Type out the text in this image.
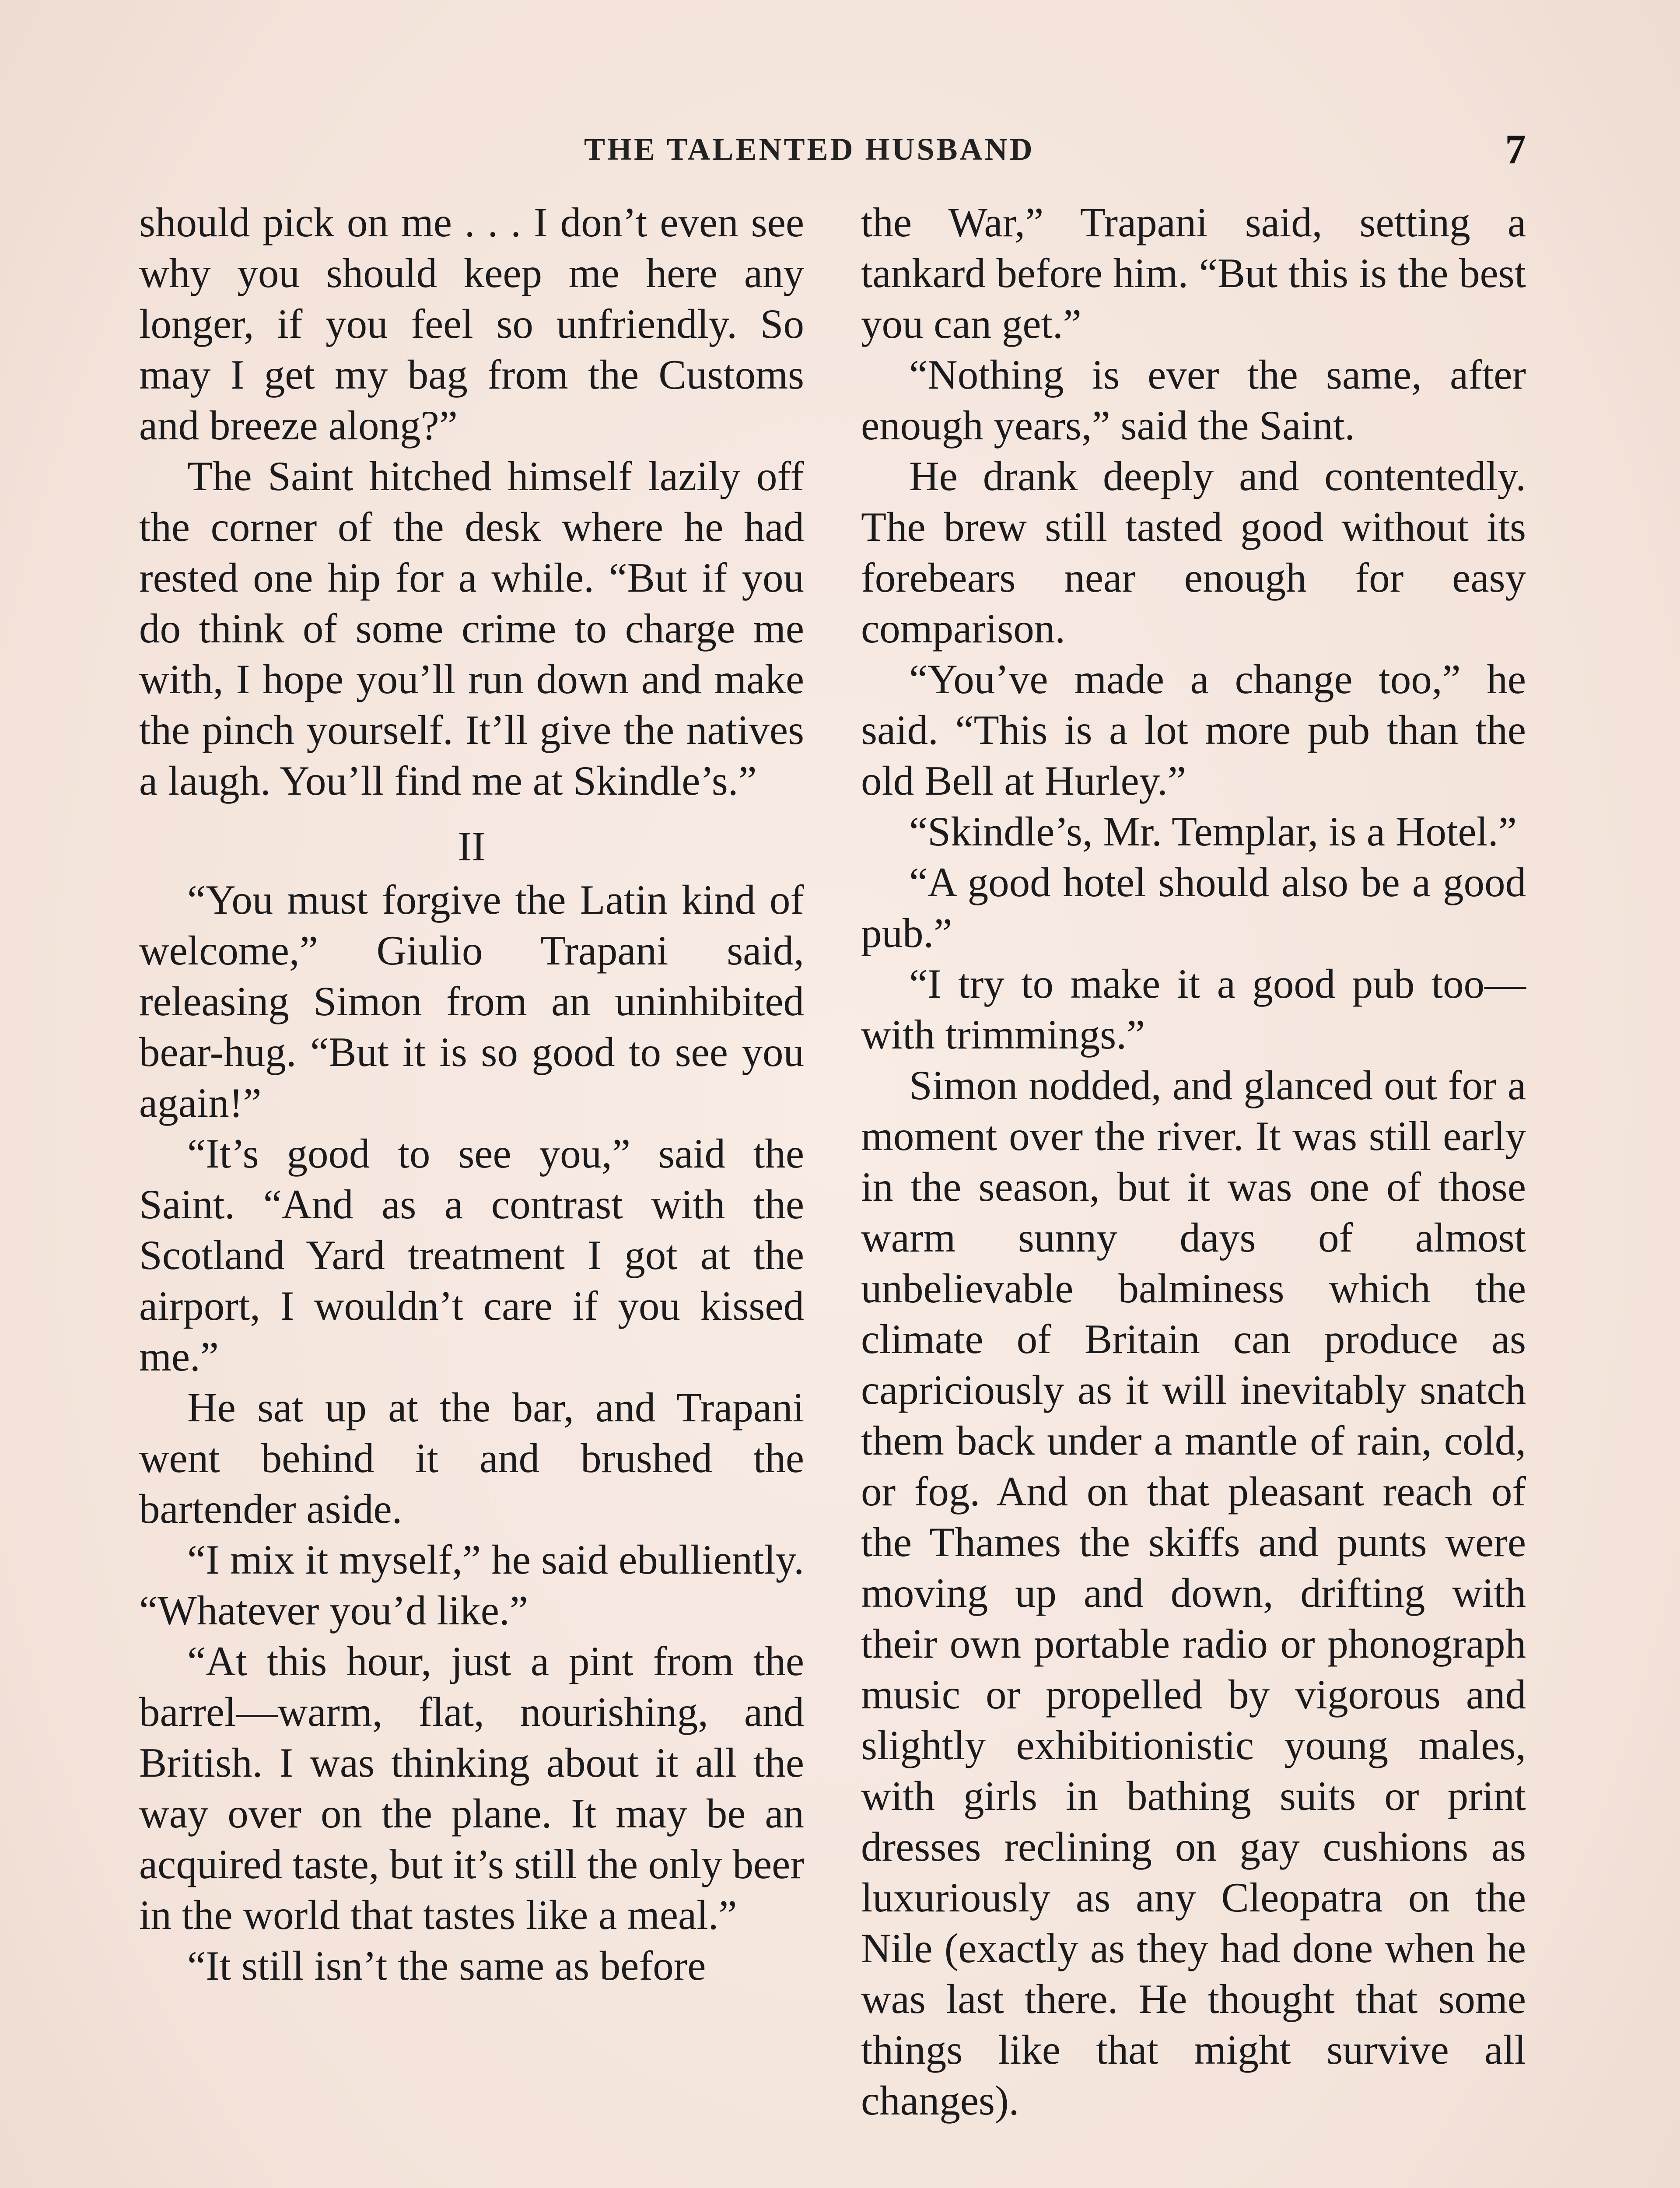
THE TALENTED HUSBAND	7

should pick on me . . . I don’t even see why you should keep me here any longer, if you feel so unfriendly. So may I get my bag from the Customs and breeze along?”

The Saint hitched himself lazily off the corner of the desk where he had rested one hip for a while. “But if you do think of some crime to charge me with, I hope you’ll run down and make the pinch yourself. It’ll give the natives a laugh. You’ll find me at Skindle’s.”

II

“You must forgive the Latin kind of welcome,” Giulio Trapani said, releasing Simon from an uninhibited bear-hug. “But it is so good to see you again!”

“It’s good to see you,” said the Saint. “And as a contrast with the Scotland Yard treatment I got at the airport, I wouldn’t care if you kissed me.”

He sat up at the bar, and Trapani went behind it and brushed the bartender aside.

“I mix it myself,” he said ebulliently. “Whatever you’d like.”

“At this hour, just a pint from the barrel—warm, flat, nourishing, and British. I was thinking about it all the way over on the plane. It may be an acquired taste, but it’s still the only beer in the world that tastes like a meal.”

“It still isn’t the same as before

the War,” Trapani said, setting a tankard before him. “But this is the best you can get.”

“Nothing is ever the same, after enough years,” said the Saint.

He drank deeply and contentedly. The brew still tasted good without its forebears near enough for easy comparison.

“You’ve made a change too,” he said. “This is a lot more pub than the old Bell at Hurley.”

“Skindle’s, Mr. Templar, is a Hotel.”

“A good hotel should also be a good pub.”

“I try to make it a good pub too—with trimmings.”

Simon nodded, and glanced out for a moment over the river. It was still early in the season, but it was one of those warm sunny days of almost unbelievable balminess which the climate of Britain can produce as capriciously as it will inevitably snatch them back under a mantle of rain, cold, or fog. And on that pleasant reach of the Thames the skiffs and punts were moving up and down, drifting with their own portable radio or phonograph music or propelled by vigorous and slightly exhibitionistic young males, with girls in bathing suits or print dresses reclining on gay cushions as luxuriously as any Cleopatra on the Nile (exactly as they had done when he was last there. He thought that some things like that might survive all changes).
